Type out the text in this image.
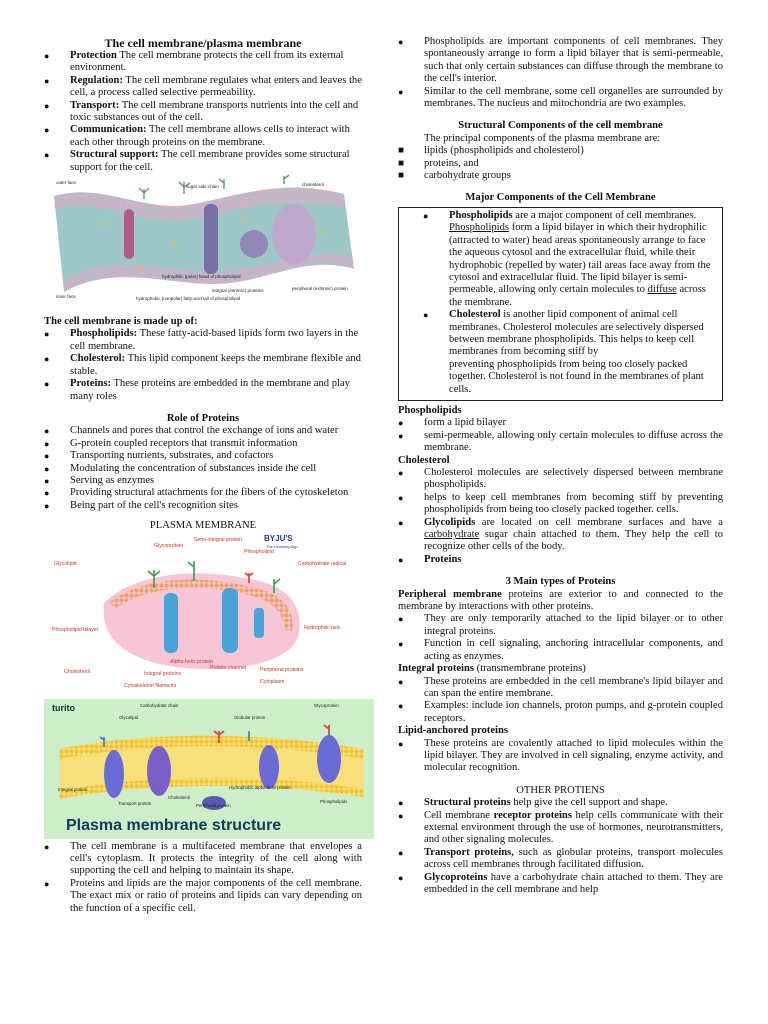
The cell membrane/plasma membrane

● Protection The cell membrane protects the cell from its external environment.
● Regulation: The cell membrane regulates what enters and leaves the cell, a process called selective permeability.
● Transport: The cell membrane transports nutrients into the cell and toxic substances out of the cell.
● Communication: The cell membrane allows cells to interact with each other through proteins on the membrane.
● Structural support: The cell membrane provides some structural support for the cell.
outer face
inner face
sugar side chain	cholesterol
hydrophilic (polar) head of phospholipid
hydrophobic (nonpolar) fatty-acid tail of phospholipid
integral (intrinsic) proteins	peripheral (extrinsic) protein

The cell membrane is made up of:

● Phospholipids: These fatty-acid-based lipids form two layers in the cell membrane.
● Cholesterol: This lipid component keeps the membrane flexible and stable.
● Proteins: These proteins are embedded in the membrane and play many roles

Role of Proteins

● Channels and pores that control the exchange of ions and water
● G-protein coupled receptors that transmit information
● Transporting nutrients, substrates, and cofactors
● Modulating the concentration of substances inside the cell
● Serving as enzymes
● Providing structural attachments for the fibers of the cytoskeleton
● Being part of the cell's recognition sites

PLASMA MEMBRANE

BYJU'S
The Learning App
Glycoprotein
Semi-integral protein
Glycolipid
Phospholipid
Carbohydrate radical
Phospholipid bilayer	Hydrophilic tails
Alpha-helix protein
Integral proteins
Protein channel	Peripheral proteins
Cholesterol
Cytoskeleton filaments
Cytoplasm
turito	Carbohydrate chain	Glycoprotein
Glycolipid	Globular protein
Integral protein
Cholesterol
Hydrophobic alpha helix protein
Transport protein	Peripheral protein
Phospholipids
Plasma membrane structure
● The cell membrane is a multifaceted membrane that envelopes a cell's cytoplasm. It protects the integrity of the cell along with supporting the cell and helping to maintain its shape.
● Proteins and lipids are the major components of the cell membrane. The exact mix or ratio of proteins and lipids can vary depending on the function of a specific cell.
● Phospholipids are important components of cell membranes. They spontaneously arrange to form a lipid bilayer that is semi-permeable, such that only certain substances can diffuse through the membrane to the cell's interior.
● Similar to the cell membrane, some cell organelles are surrounded by membranes. The nucleus and mitochondria are two examples.

Structural Components of the cell membrane

The principal components of the plasma membrane are:

■ lipids (phospholipids and cholesterol)
■ proteins, and
■ carbohydrate groups

Major Components of the Cell Membrane

● Phospholipids are a major component of cell membranes. Phospholipids form a lipid bilayer in which their hydrophilic (attracted to water) head areas spontaneously arrange to face the aqueous cytosol and the extracellular fluid, while their hydrophobic (repelled by water) tail areas face away from the cytosol and extracellular fluid. The lipid bilayer is semi-permeable, allowing only certain molecules to diffuse across the membrane.
● Cholesterol is another lipid component of animal cell membranes. Cholesterol molecules are selectively dispersed between membrane phospholipids. This helps to keep cell membranes from becoming stiff by
preventing phospholipids from being too closely packed together. Cholesterol is not found in the membranes of plant cells.

Phospholipids

● form a lipid bilayer
● semi-permeable, allowing only certain molecules to diffuse across the membrane.

Cholesterol

● Cholesterol molecules are selectively dispersed between membrane phospholipids.
● helps to keep cell membranes from becoming stiff by preventing phospholipids from being too closely packed together. cells.
● Glycolipids are located on cell membrane surfaces and have a carbohydrate sugar chain attached to them. They help the cell to recognize other cells of the body.
● Proteins

3 Main types of Proteins

Peripheral membrane proteins are exterior to and connected to the membrane by interactions with other proteins.

● They are only temporarily attached to the lipid bilayer or to other integral proteins.
● Function in cell signaling, anchoring intracellular components, and acting as enzymes.

Integral proteins (transmembrane proteins)

● These proteins are embedded in the cell membrane's lipid bilayer and can span the entire membrane.
● Examples: include ion channels, proton pumps, and g-protein coupled receptors.

Lipid-anchored proteins

● These proteins are covalently attached to lipid molecules within the lipid bilayer. They are involved in cell signaling, enzyme activity, and molecular recognition.

OTHER PROTIENS

● Structural proteins help give the cell support and shape.
● Cell membrane receptor proteins help cells communicate with their external environment through the use of hormones, neurotransmitters, and other signaling molecules.
● Transport proteins, such as globular proteins, transport molecules across cell membranes through facilitated diffusion.
● Glycoproteins have a carbohydrate chain attached to them. They are embedded in the cell membrane and help
